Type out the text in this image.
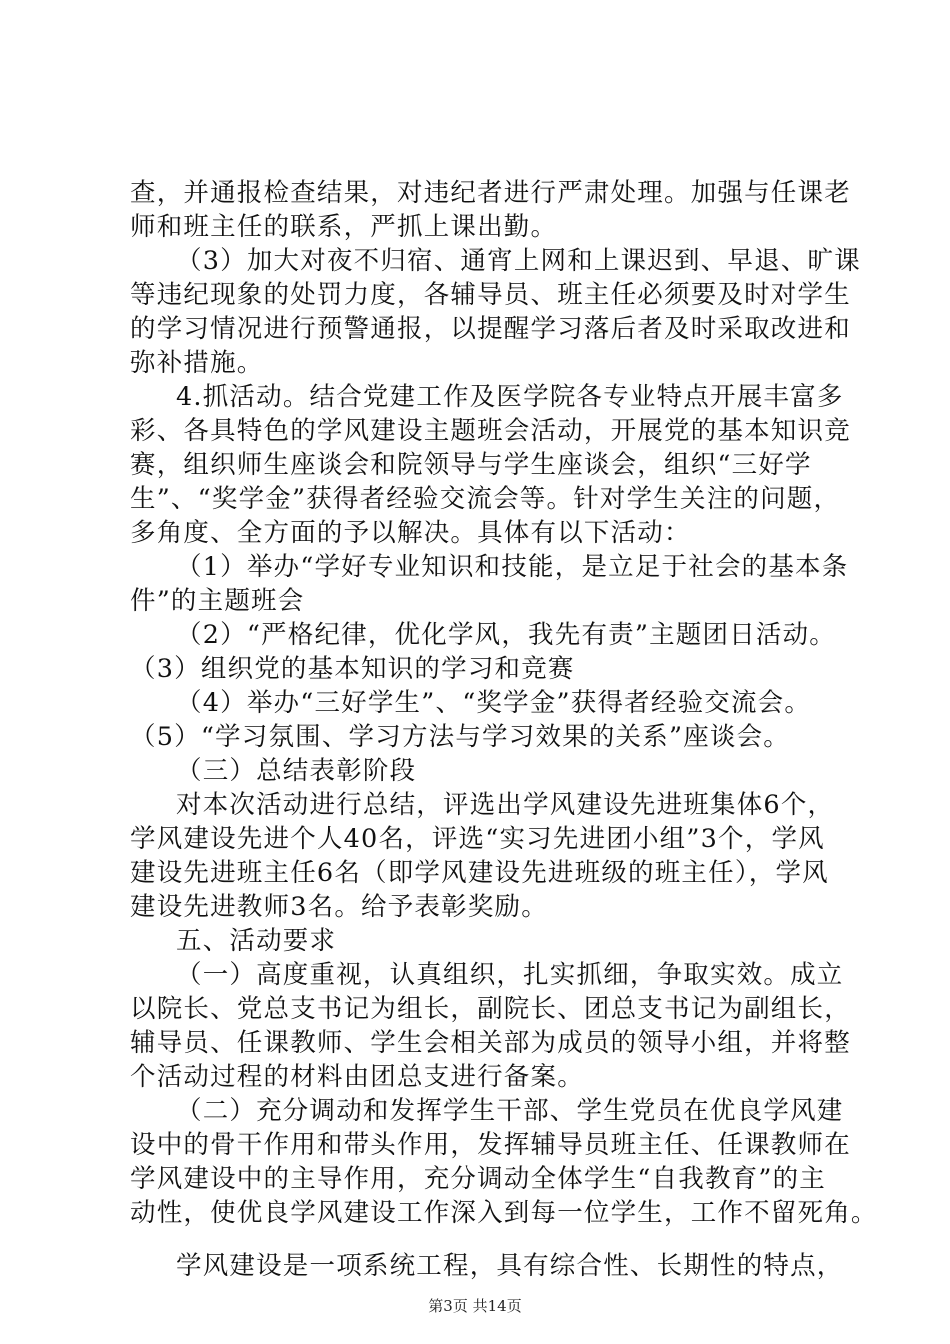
查，并通报检查结果，对违纪者进行严肃处理。加强与任课老
师和班主任的联系，严抓上课出勤。
（3）加大对夜不归宿、通宵上网和上课迟到、早退、旷课
等违纪现象的处罚力度，各辅导员、班主任必须要及时对学生
的学习情况进行预警通报，以提醒学习落后者及时采取改进和
弥补措施。
4.抓活动。结合党建工作及医学院各专业特点开展丰富多
彩、各具特色的学风建设主题班会活动，开展党的基本知识竞
赛，组织师生座谈会和院领导与学生座谈会，组织“三好学
生”、“奖学金”获得者经验交流会等。针对学生关注的问题，
多角度、全方面的予以解决。具体有以下活动：
（1）举办“学好专业知识和技能，是立足于社会的基本条
件”的主题班会
（2）“严格纪律，优化学风，我先有责”主题团日活动。
（3）组织党的基本知识的学习和竞赛
（4）举办“三好学生”、“奖学金”获得者经验交流会。
（5）“学习氛围、学习方法与学习效果的关系”座谈会。
（三）总结表彰阶段
对本次活动进行总结，评选出学风建设先进班集体6个，
学风建设先进个人40名，评选“实习先进团小组”3个，学风
建设先进班主任6名（即学风建设先进班级的班主任），学风
建设先进教师3名。给予表彰奖励。
五、活动要求
（一）高度重视，认真组织，扎实抓细，争取实效。成立
以院长、党总支书记为组长，副院长、团总支书记为副组长，
辅导员、任课教师、学生会相关部为成员的领导小组，并将整
个活动过程的材料由团总支进行备案。
（二）充分调动和发挥学生干部、学生党员在优良学风建
设中的骨干作用和带头作用，发挥辅导员班主任、任课教师在
学风建设中的主导作用，充分调动全体学生“自我教育”的主
动性，使优良学风建设工作深入到每一位学生，工作不留死角。
学风建设是一项系统工程，具有综合性、长期性的特点，
第3页 共14页
